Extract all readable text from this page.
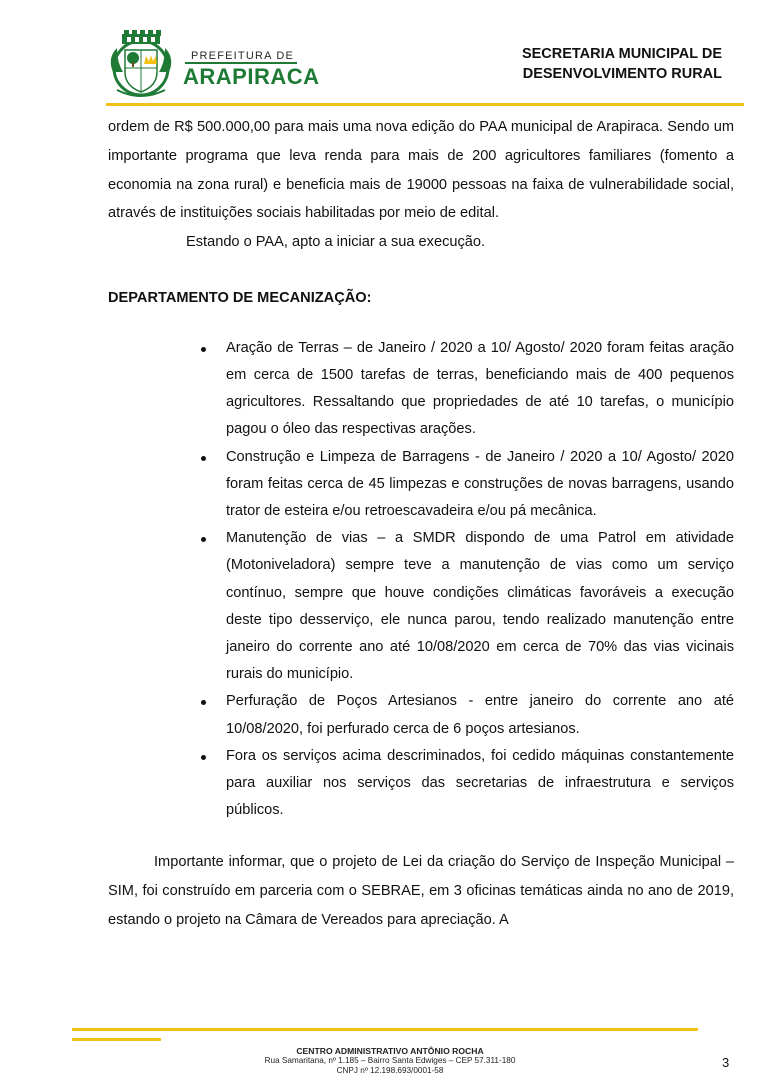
PREFEITURA DE
ARAPIRACA
SECRETARIA MUNICIPAL DE
DESENVOLVIMENTO RURAL

ordem de R$ 500.000,00 para mais uma nova edição do PAA municipal de Arapiraca. Sendo um importante programa que leva renda para mais de 200 agricultores familiares (fomento a economia na zona rural) e beneficia mais de 19000 pessoas na faixa de vulnerabilidade social, através de instituições sociais habilitadas por meio de edital.

Estando o PAA, apto a iniciar a sua execução.

DEPARTAMENTO DE MECANIZAÇÃO:

Aração de Terras – de Janeiro / 2020 a 10/ Agosto/ 2020 foram feitas aração em cerca de 1500 tarefas de terras, beneficiando mais de 400 pequenos agricultores. Ressaltando que propriedades de até 10 tarefas, o município pagou o óleo das respectivas arações.
Construção e Limpeza de Barragens - de Janeiro / 2020 a 10/ Agosto/ 2020 foram feitas cerca de 45 limpezas e construções de novas barragens, usando trator de esteira e/ou retroescavadeira e/ou pá mecânica.
Manutenção de vias – a SMDR dispondo de uma Patrol em atividade (Motoniveladora) sempre teve a manutenção de vias como um serviço contínuo, sempre que houve condições climáticas favoráveis a execução deste tipo desserviço, ele nunca parou, tendo realizado manutenção entre janeiro do corrente ano até 10/08/2020 em cerca de 70% das vias vicinais rurais do município.
Perfuração de Poços Artesianos - entre janeiro do corrente ano até 10/08/2020, foi perfurado cerca de 6 poços artesianos.
Fora os serviços acima descriminados, foi cedido máquinas constantemente para auxiliar nos serviços das secretarias de infraestrutura e serviços públicos.

Importante informar, que o projeto de Lei da criação do Serviço de Inspeção Municipal – SIM, foi construído em parceria com o SEBRAE, em 3 oficinas temáticas ainda no ano de 2019, estando o projeto na Câmara de Vereados para apreciação. A

CENTRO ADMINISTRATIVO ANTÔNIO ROCHA
Rua Samaritana, nº 1.185 – Bairro Santa Edwiges – CEP 57.311-180
CNPJ nº 12.198.693/0001-58
3
